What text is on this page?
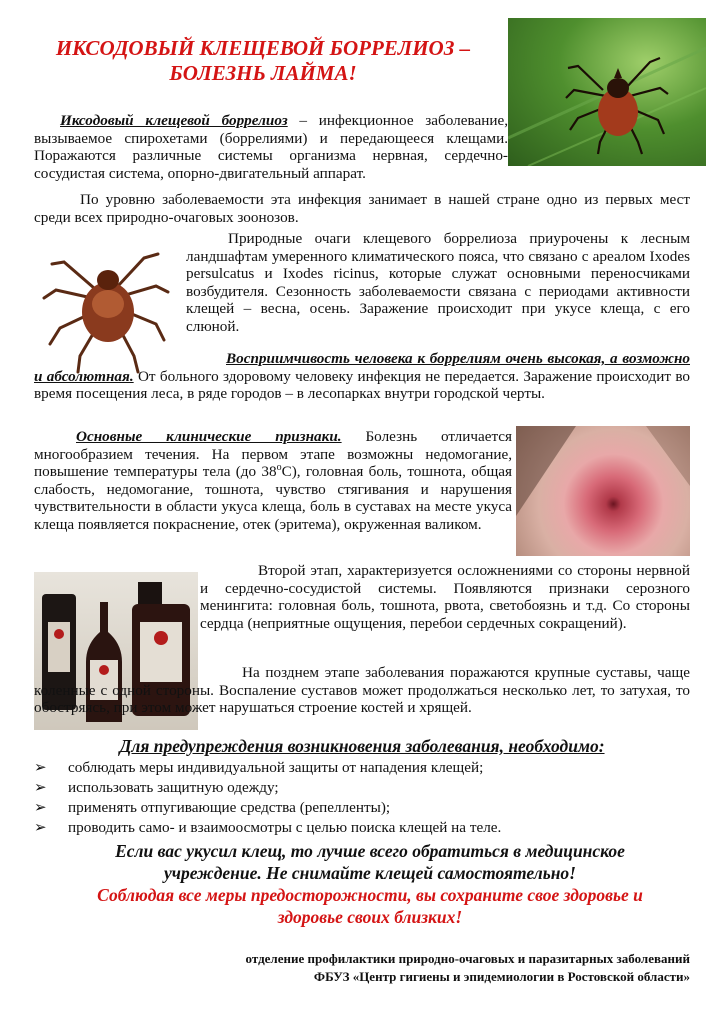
ИКСОДОВЫЙ КЛЕЩЕВОЙ БОРРЕЛИОЗ –
БОЛЕЗНЬ ЛАЙМА!

Иксодовый клещевой боррелиоз – инфекционное заболевание, вызываемое спирохетами (боррелиями) и передающееся клещами. Поражаются различные системы организма нервная, сердечно-сосудистая система, опорно-двигательный аппарат.

По уровню заболеваемости эта инфекция занимает в нашей стране одно из первых мест среди всех природно-очаговых зоонозов.

Природные очаги клещевого боррелиоза приурочены к лесным ландшафтам умеренного климатического пояса, что связано с ареалом Ixodes persulcatus и Ixodes ricinus, которые служат основными переносчиками возбудителя. Сезонность заболеваемости связана с периодами активности клещей – весна, осень. Заражение происходит при укусе клеща, с его слюной.

Восприимчивость человека к боррелиям очень высокая, а возможно и абсолютная. От больного здоровому человеку инфекция не передается. Заражение происходит во время посещения леса, в ряде городов – в лесопарках внутри городской черты.

Основные клинические признаки. Болезнь отличается многообразием течения. На первом этапе возможны недомогание, повышение температуры тела (до $38^оС$), головная боль, тошнота, общая слабость, недомогание, тошнота, чувство стягивания и нарушения чувствительности в области укуса клеща, боль в суставах на месте укуса клеща появляется покраснение, отек (эритема), окруженная валиком.

Второй этап, характеризуется осложнениями со стороны нервной и сердечно-сосудистой системы. Появляются признаки серозного менингита: головная боль, тошнота, рвота, светобоязнь и т.д. Со стороны сердца (неприятные ощущения, перебои сердечных сокращений).

На позднем этапе заболевания поражаются крупные суставы, чаще коленные с одной стороны. Воспаление суставов может продолжаться несколько лет, то затухая, то обостряясь, при этом может нарушаться строение костей и хрящей.

Для предупреждения возникновения заболевания, необходимо:
➢ соблюдать меры индивидуальной защиты от нападения клещей;
➢ использовать защитную одежду;
➢ применять отпугивающие средства (репелленты);
➢ проводить само- и взаимоосмотры с целью поиска клещей на теле.
Если вас укусил клещ, то лучше всего обратиться в медицинское учреждение. Не снимайте клещей самостоятельно!
Соблюдая все меры предосторожности, вы сохраните свое здоровье и здоровье своих близких!
отделение профилактики природно-очаговых и паразитарных заболеваний
ФБУЗ «Центр гигиены и эпидемиологии в Ростовской области»
